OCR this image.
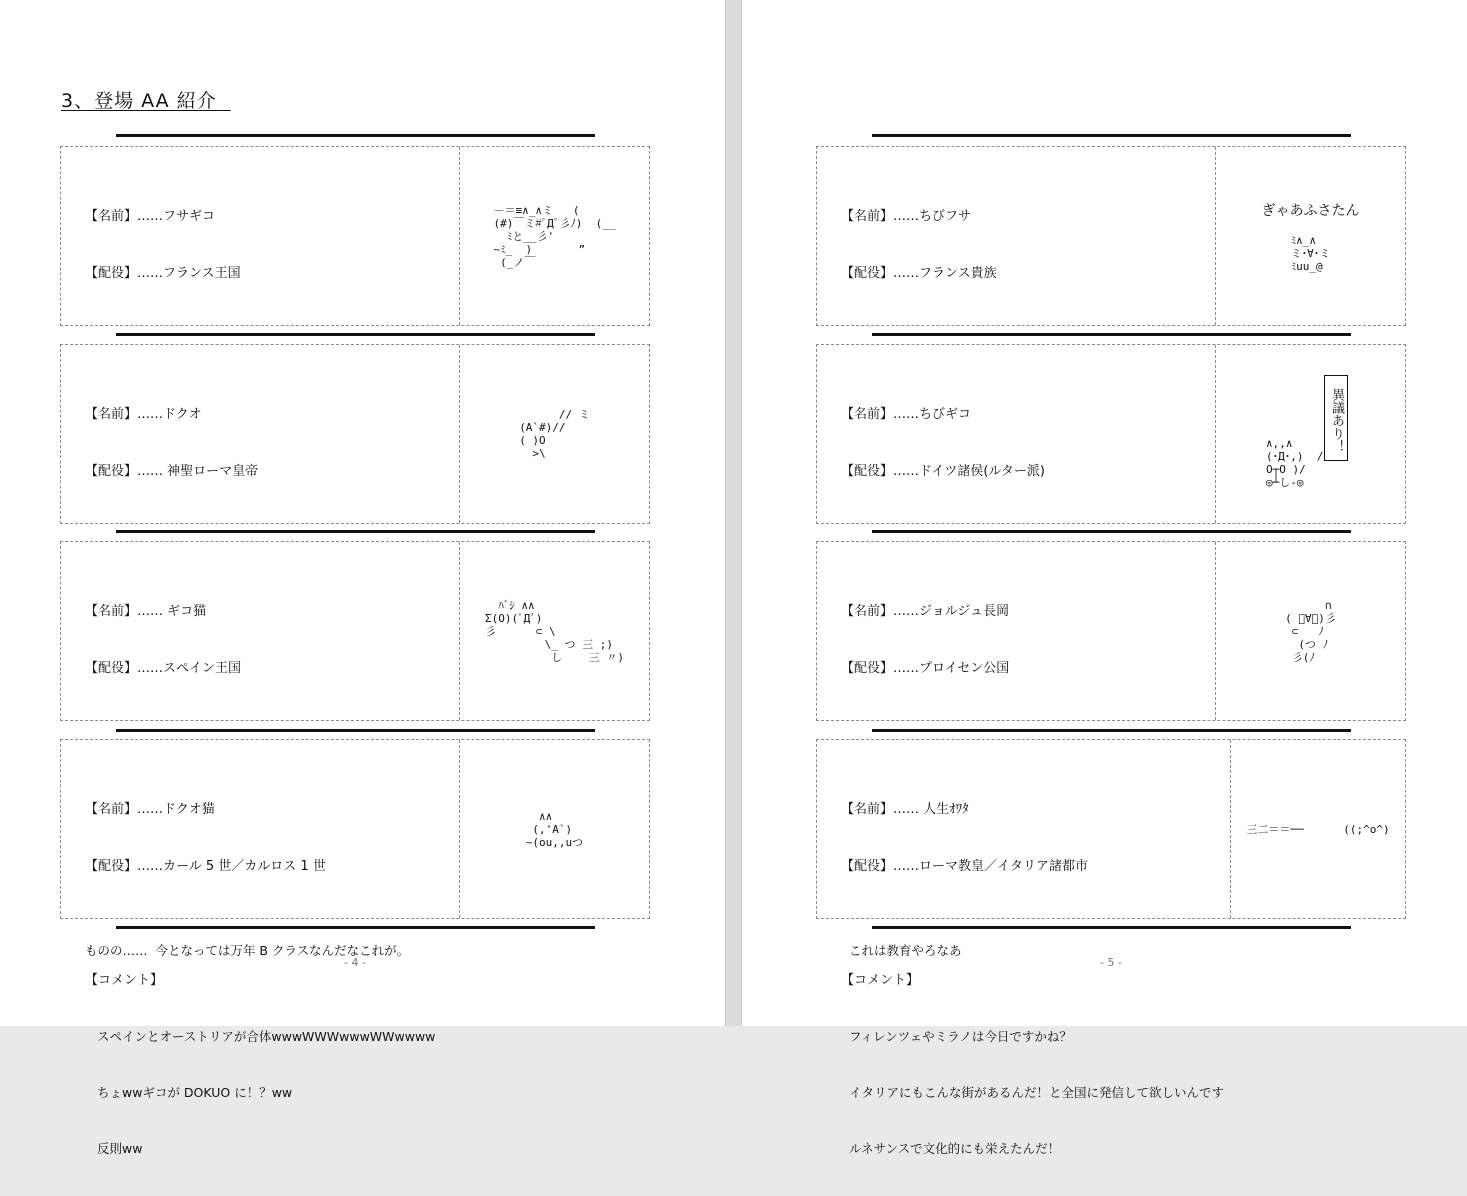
3、登場 AA 紹介

【名前】……フサギコ

【配役】……フランス王国

－＝≡∧_∧ミ   (
(#)￣ミ#ﾟДﾟ彡ﾉ)  (__
ﾐと__彡'
~ﾐ_  )       ”
(_ノ￣

【名前】……ドクオ

【配役】…… 神聖ローマ皇帝

// ミ
(A`#)//
( )O
>\

【名前】…… ギコ猫

【配役】……スペイン王国

ものの……  今となっては万年 B クラスなんだなこれが。

ﾊﾞｼ ∧∧
Σ(O)(ﾟДﾟ)
彡      ⊂ \
\_ つ 三 ;)
し    三 〃)

【名前】……ドクオ猫

【配役】……カール 5 世／カルロス 1 世

【コメント】

スペインとオーストリアが合体wwwWWWwwwWWwwww

ちょwwギコが DOKUO に！？ww

反則ww

∧∧
(,'A`)
~(ou,,uつ
- 4 -

【名前】……ちびフサ

【配役】……フランス貴族

ぎゃあふさたん
ﾐ∧_∧
ミ･∀･ミ
ﾐuu_@

【名前】……ちびギコ

【配役】……ドイツ諸侯(ルター派)

異議あり！
∧,,∧
(･Д･,)  /
O┬O )/
◎┴し-◎

【名前】……ジョルジュ長岡

【配役】……プロイセン公国

これは教育やろなあ

∩
( ﾟ∀ﾟ)彡
⊂   ﾉ
(つ ﾉ
彡(ﾉ

【名前】…… 人生ｵﾜﾀ

【配役】……ローマ教皇／イタリア諸都市

【コメント】

フィレンツェやミラノは今日ですかね？

イタリアにもこんな街があるんだ！と全国に発信して欲しいんです

ルネサンスで文化的にも栄えたんだ！

三二＝＝──      ((;^o^)
- 5 -
